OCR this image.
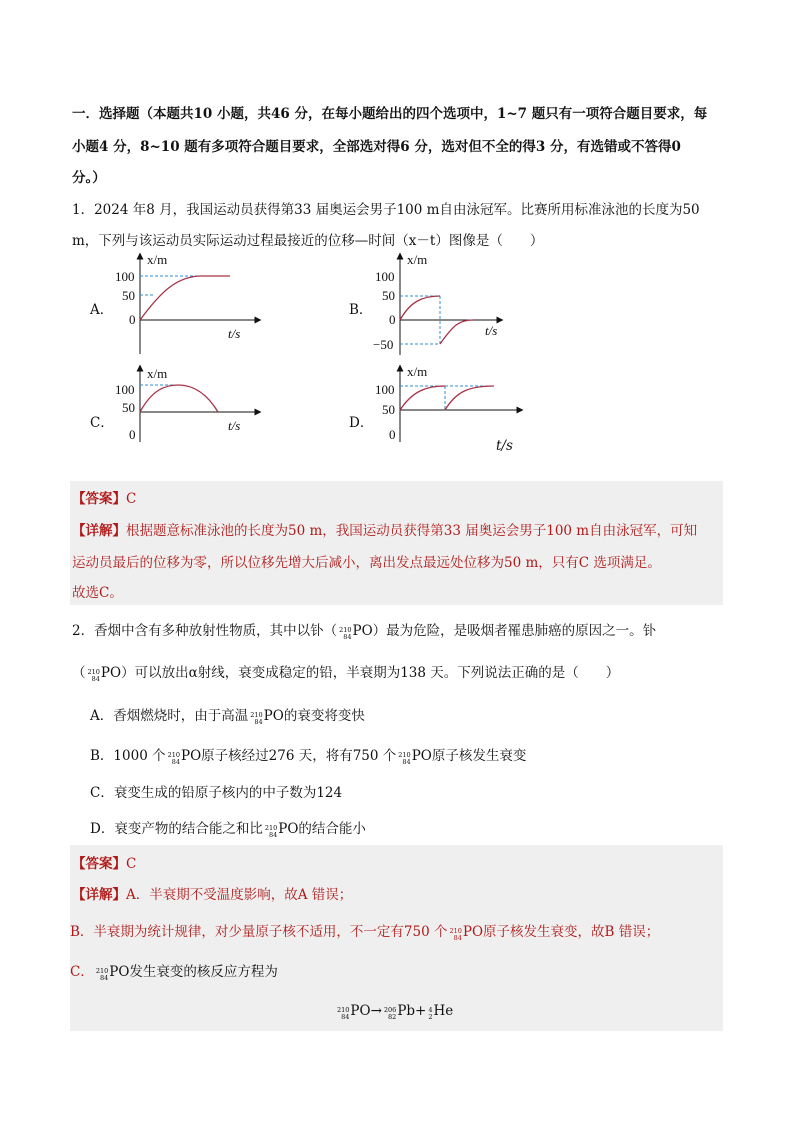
一．选择题（本题共10 小题，共46 分，在每小题给出的四个选项中，1~7 题只有一项符合题目要求，每
小题4 分，8~10 题有多项符合题目要求，全部选对得6 分，选对但不全的得3 分，有选错或不答得0
分。）
1．2024 年8 月，我国运动员获得第33 届奥运会男子100 m自由泳冠军。比赛所用标准泳池的长度为50
m，下列与该运动员实际运动过程最接近的位移—时间（x－t）图像是（　　）
A．	B．
C．	D．
x/m
100
50
0
t/s
x/m
100
50
0
−50
t/s
x/m
100
50
0
t/s
x/m
100
50
0
t/s
【答案】C
【详解】根据题意标准泳池的长度为50 m，我国运动员获得第33 届奥运会男子100 m自由泳冠军，可知
运动员最后的位移为零，所以位移先增大后减小，离出发点最远处位移为50 m，只有C 选项满足。
故选C。
2．香烟中含有多种放射性物质，其中以钋（ 210
84 PO）最为危险，是吸烟者罹患肺癌的原因之一。钋
（ 210
84 PO）可以放出α射线，衰变成稳定的铅，半衰期为138 天。下列说法正确的是（　　）
A．香烟燃烧时，由于高温 210
84 PO的衰变将变快
B．1000 个 210
84 PO原子核经过276 天，将有750 个 210
84 PO原子核发生衰变
C．衰变生成的铅原子核内的中子数为124
D．衰变产物的结合能之和比 210
84 PO的结合能小
【答案】C
【详解】A．半衰期不受温度影响，故A 错误；
B．半衰期为统计规律，对少量原子核不适用，不一定有750 个 210
84 PO原子核发生衰变，故B 错误；
C． 210
84 PO发生衰变的核反应方程为
210
84 PO→ 206
82 Pb+ 4
2 He
